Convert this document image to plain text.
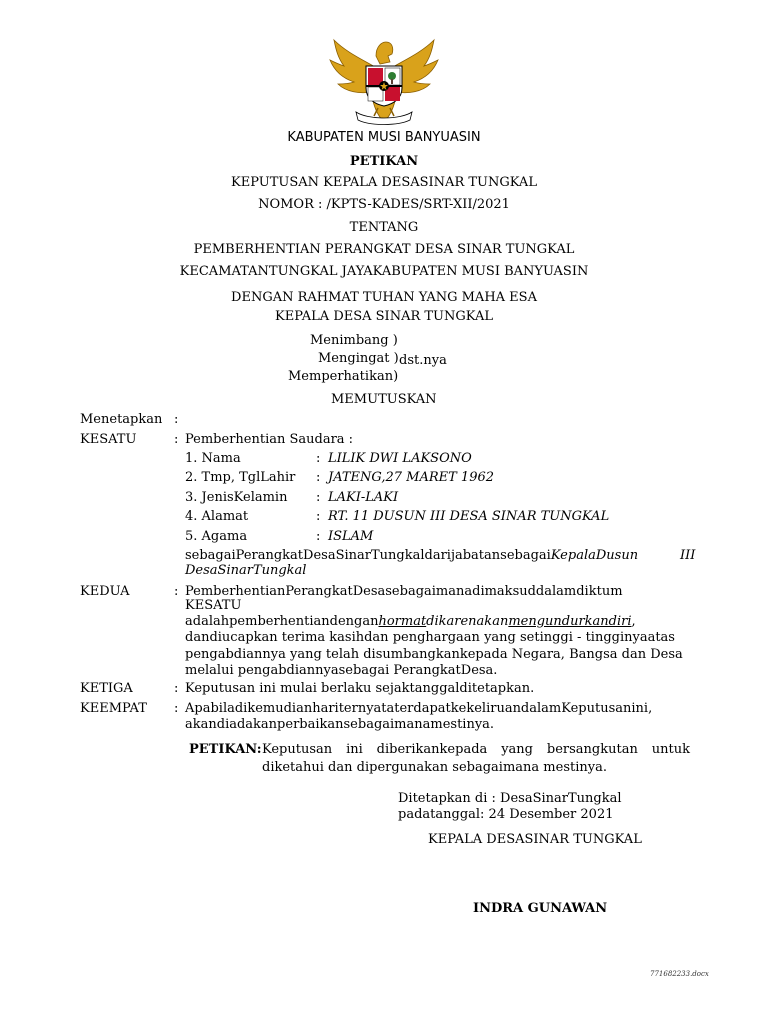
KABUPATEN MUSI BANYUASIN
PETIKAN
KEPUTUSAN KEPALA DESASINAR TUNGKAL
NOMOR : /KPTS-KADES/SRT-XII/2021
TENTANG
PEMBERHENTIAN PERANGKAT DESA SINAR TUNGKAL
KECAMATANTUNGKAL JAYAKABUPATEN MUSI BANYUASIN
DENGAN RAHMAT TUHAN YANG MAHA ESA
KEPALA DESA SINAR TUNGKAL
Menimbang )
Mengingat ) dst.nya
Memperhatikan)
MEMUTUSKAN
Menetapkan :
KESATU	: Pemberhentian Saudara :
1. Nama	: LILIK DWI LAKSONO
2. Tmp, TglLahir : JATENG,27 MARET 1962
3. JenisKelamin : LAKI-LAKI
4. Alamat	: RT. 11 DUSUN III DESA SINAR TUNGKAL
5. Agama	: ISLAM
sebagaiPerangkatDesaSinarTungkaldarijabatansebagaiKepalaDusun	III
DesaSinarTungkal
KEDUA	: PemberhentianPerangkatDesasebagaimanadimaksuddalamdiktum
KESATU
adalahpemberhentiandenganhormatdikarenakanmengundurkandiri,
dandiucapkan terima kasihdan penghargaan yang setinggi - tingginyaatas
pengabdiannya yang telah disumbangkankepada Negara, Bangsa dan Desa
melalui pengabdiannyasebagai PerangkatDesa.
KETIGA	: Keputusan ini mulai berlaku sejaktanggalditetapkan.
KEEMPAT : ApabiladikemudianhariternyataterdapatkekeliruandalamKeputusanini,
akandiadakanperbaikansebagaimanamestinya.
PETIKAN: Keputusan ini diberikankepada yang bersangkutan untuk
diketahui dan dipergunakan sebagaimana mestinya.
Ditetapkan di : DesaSinarTungkal
padatanggal: 24 Desember 2021
KEPALA DESASINAR TUNGKAL
INDRA GUNAWAN
771682233.docx
